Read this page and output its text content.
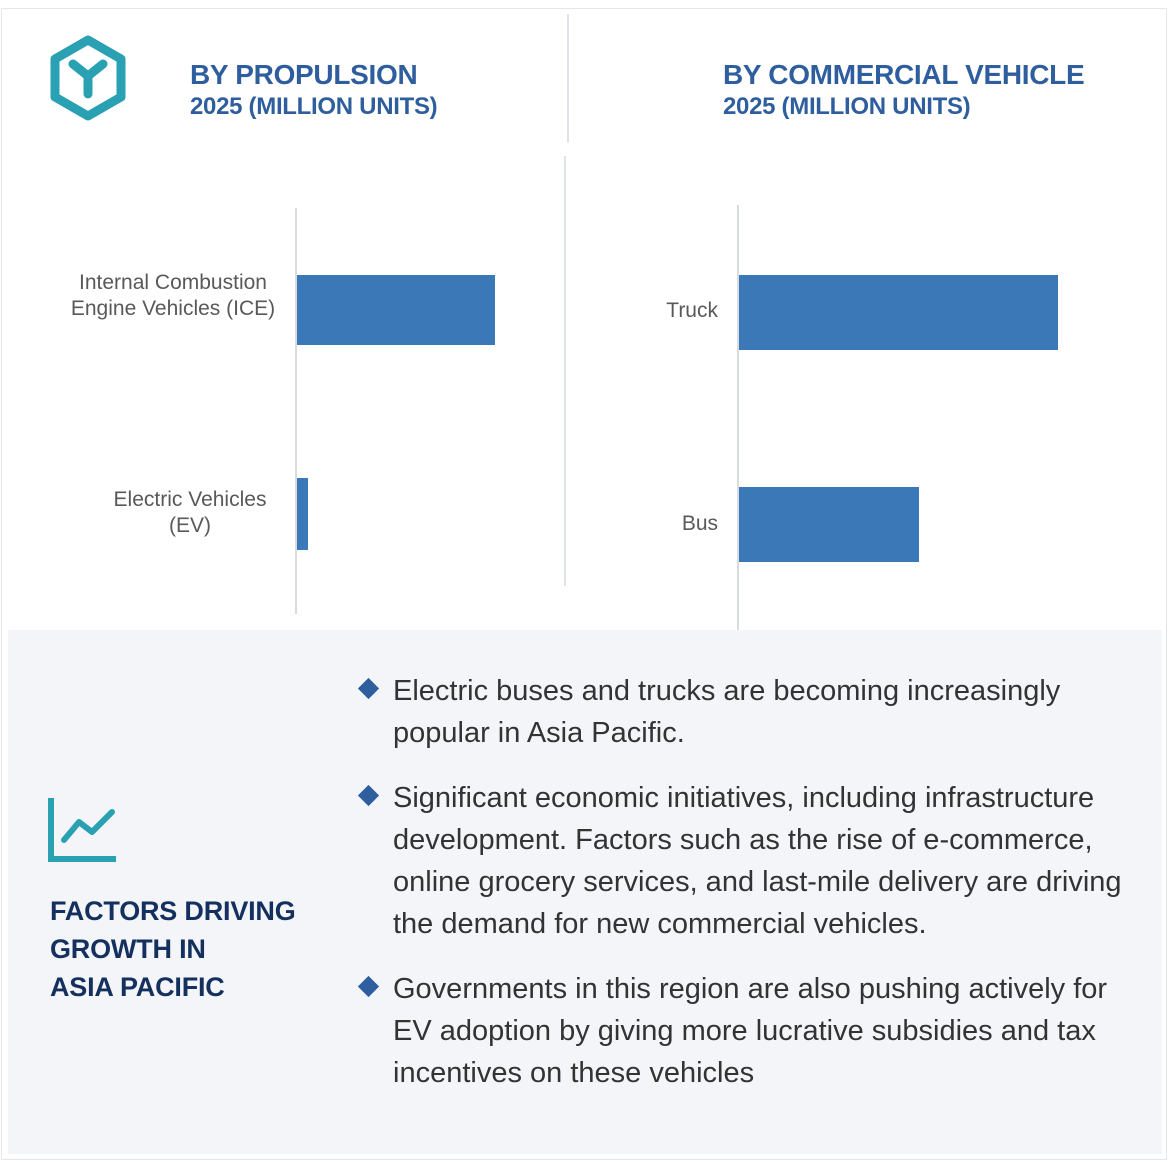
BY PROPULSION
2025 (MILLION UNITS)
BY COMMERCIAL VEHICLE
2025 (MILLION UNITS)
Internal Combustion Engine Vehicles (ICE)
Electric Vehicles (EV)
Truck
Bus
FACTORS DRIVING
GROWTH IN
ASIA PACIFIC
Electric buses and trucks are becoming increasingly popular in Asia Pacific.
Significant economic initiatives, including infrastructure development. Factors such as the rise of e-commerce, online grocery services, and last-mile delivery are driving the demand for new commercial vehicles.
Governments in this region are also pushing actively for EV adoption by giving more lucrative subsidies and tax incentives on these vehicles
